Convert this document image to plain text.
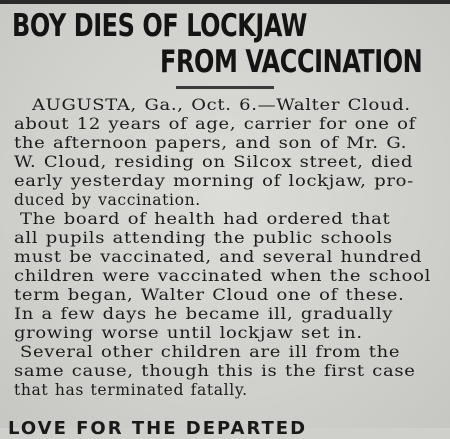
BOY DIES OF LOCKJAW
FROM VACCINATION
AUGUSTA, Ga., Oct. 6.—Walter Cloud.
about 12 years of age, carrier for one of
the afternoon papers, and son of Mr. G.
W. Cloud, residing on Silcox street, died
early yesterday morning of lockjaw, pro-
duced by vaccination.
The board of health had ordered that
all pupils attending the public schools
must be vaccinated, and several hundred
children were vaccinated when the school
term began, Walter Cloud one of these.
In a few days he became ill, gradually
growing worse until lockjaw set in.
Several other children are ill from the
same cause, though this is the first case
that has terminated fatally.
LOVE FOR THE DEPARTED
